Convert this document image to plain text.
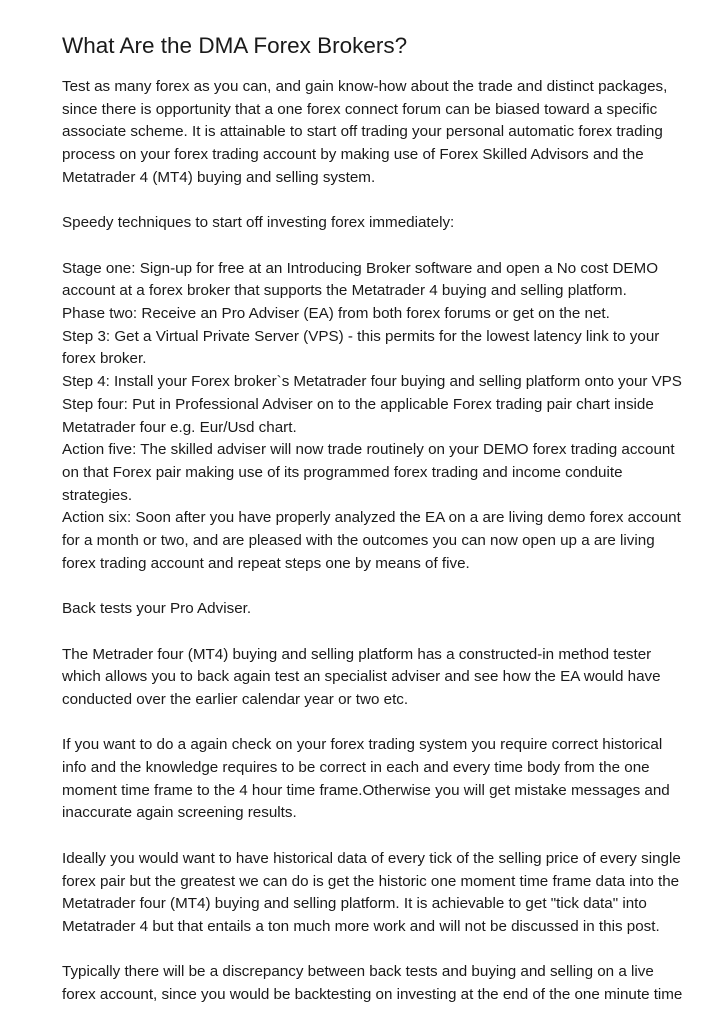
What Are the DMA Forex Brokers?

Test as many forex as you can, and gain know-how about the trade and distinct packages,
since there is opportunity that a one forex connect forum can be biased toward a specific
associate scheme. It is attainable to start off trading your personal automatic forex trading
process on your forex trading account by making use of Forex Skilled Advisors and the
Metatrader 4 (MT4) buying and selling system.

Speedy techniques to start off investing forex immediately:

Stage one: Sign-up for free at an Introducing Broker software and open a No cost DEMO
account at a forex broker that supports the Metatrader 4 buying and selling platform.
Phase two: Receive an Pro Adviser (EA) from both forex forums or get on the net.
Step 3: Get a Virtual Private Server (VPS) - this permits for the lowest latency link to your
forex broker.
Step 4: Install your Forex broker`s Metatrader four buying and selling platform onto your VPS
Step four: Put in Professional Adviser on to the applicable Forex trading pair chart inside
Metatrader four e.g. Eur/Usd chart.
Action five: The skilled adviser will now trade routinely on your DEMO forex trading account
on that Forex pair making use of its programmed forex trading and income conduite
strategies.
Action six: Soon after you have properly analyzed the EA on a are living demo forex account
for a month or two, and are pleased with the outcomes you can now open up a are living
forex trading account and repeat steps one by means of five.

Back tests your Pro Adviser.

The Metrader four (MT4) buying and selling platform has a constructed-in method tester
which allows you to back again test an specialist adviser and see how the EA would have
conducted over the earlier calendar year or two etc.

If you want to do a again check on your forex trading system you require correct historical
info and the knowledge requires to be correct in each and every time body from the one
moment time frame to the 4 hour time frame.Otherwise you will get mistake messages and
inaccurate again screening results.

Ideally you would want to have historical data of every tick of the selling price of every single
forex pair but the greatest we can do is get the historic one moment time frame data into the
Metatrader four (MT4) buying and selling platform. It is achievable to get "tick data" into
Metatrader 4 but that entails a ton much more work and will not be discussed in this post.

Typically there will be a discrepancy between back tests and buying and selling on a live
forex account, since you would be backtesting on investing at the end of the one minute time
